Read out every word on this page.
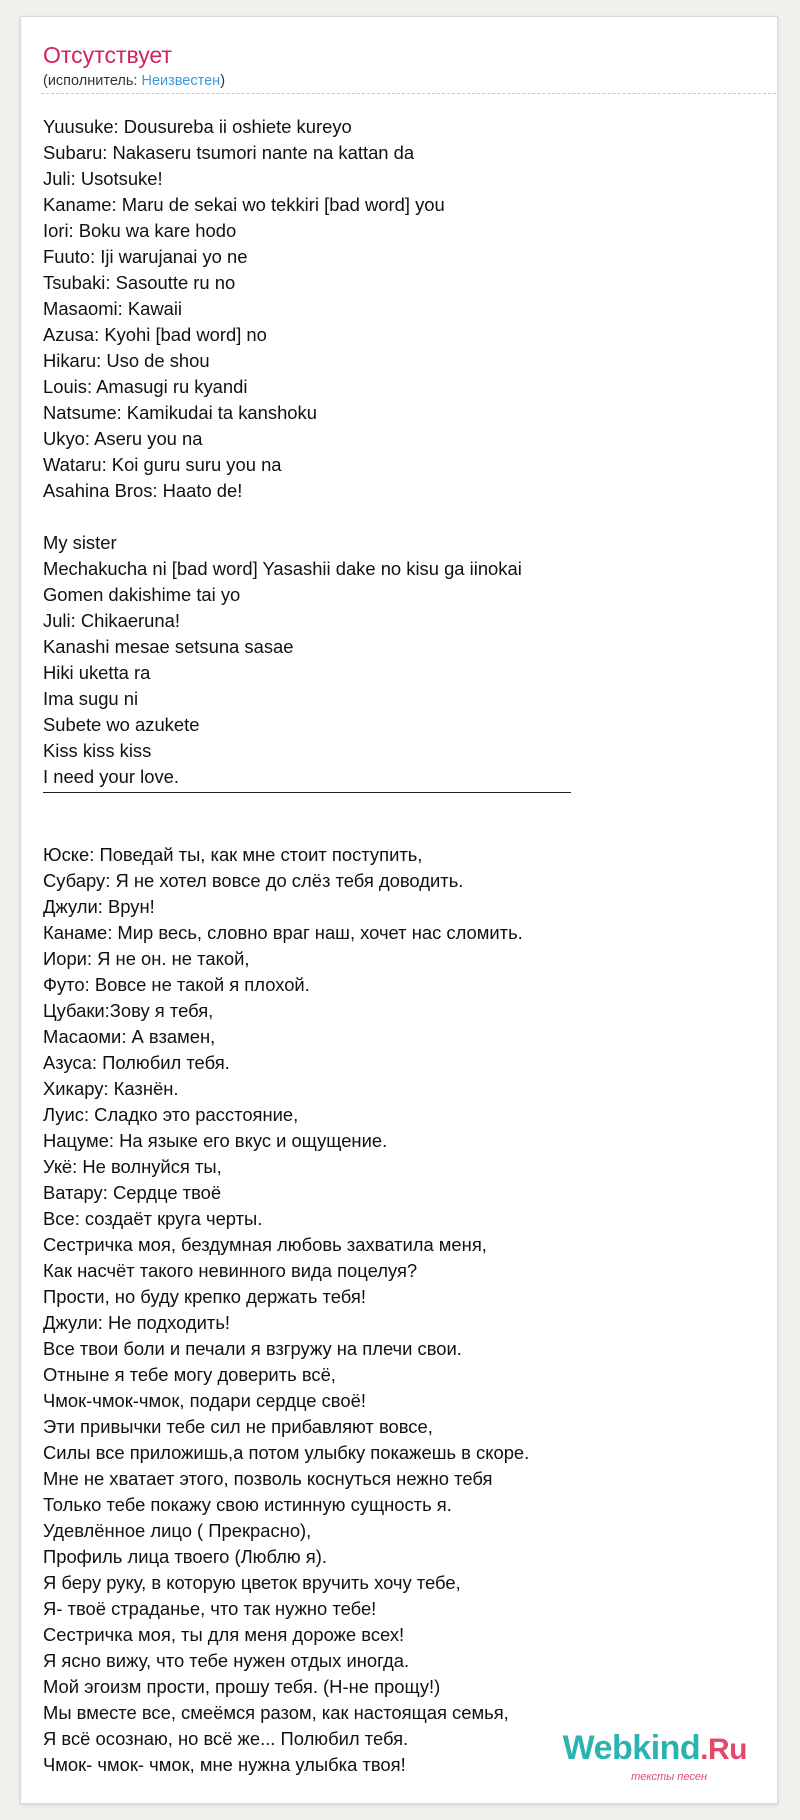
Отсутствует
(исполнитель: Неизвестен)
Yuusuke: Dousureba ii oshiete kureyo
Subaru: Nakaseru tsumori nante na kattan da
Juli: Usotsuke!
Kaname: Maru de sekai wo tekkiri [bad word] you
Iori: Boku wa kare hodo
Fuuto: Iji warujanai yo ne
Tsubaki: Sasoutte ru no
Masaomi: Kawaii
Azusa: Kyohi [bad word] no
Hikaru: Uso de shou
Louis: Amasugi ru kyandi
Natsume: Kamikudai ta kanshoku
Ukyo: Aseru you na
Wataru: Koi guru suru you na
Asahina Bros: Haato de!
My sister
Mechakucha ni [bad word] Yasashii dake no kisu ga iinokai
Gomen dakishime tai yo
Juli: Chikaeruna!
Kanashi mesae setsuna sasae
Hiki uketta ra
Ima sugu ni
Subete wo azukete
Kiss kiss kiss
I need your love.
Юске: Поведай ты, как мне стоит поступить,
Субару: Я не хотел вовсе до слёз тебя доводить.
Джули: Врун!
Канаме: Мир весь, словно враг наш, хочет нас сломить.
Иори: Я не он. не такой,
Футо: Вовсе не такой я плохой.
Цубаки:Зову я тебя,
Масаоми: А взамен,
Азуса: Полюбил тебя.
Хикару: Казнён.
Луис: Сладко это расстояние,
Нацуме: На языке его вкус и ощущение.
Укё: Не волнуйся ты,
Ватару: Сердце твоё
Все: создаёт круга черты.
Сестричка моя, бездумная любовь захватила меня,
Как насчёт такого невинного вида поцелуя?
Прости, но буду крепко держать тебя!
Джули: Не подходить!
Все твои боли и печали я взгружу на плечи свои.
Отныне я тебе могу доверить всё,
Чмок-чмок-чмок, подари сердце своё!
Эти привычки тебе сил не прибавляют вовсе,
Силы все приложишь,а потом улыбку покажешь в скоре.
Мне не хватает этого, позволь коснуться нежно тебя
Только тебе покажу свою истинную сущность я.
Удевлённое лицо ( Прекрасно),
Профиль лица твоего (Люблю я).
Я беру руку, в которую цветок вручить хочу тебе,
Я- твоё страданье, что так нужно тебе!
Сестричка моя, ты для меня дороже всех!
Я ясно вижу, что тебе нужен отдых иногда.
Мой эгоизм прости, прошу тебя. (Н-не прощу!)
Мы вместе все, смеёмся разом, как настоящая семья,
Я всё осознаю, но всё же... Полюбил тебя.
Чмок- чмок- чмок, мне нужна улыбка твоя!	Webkind.Ru
тексты песен
